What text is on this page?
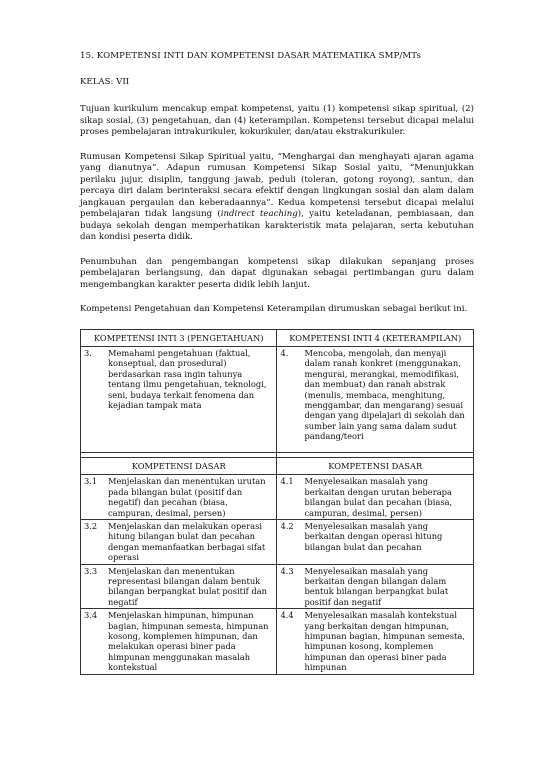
15. KOMPETENSI INTI DAN KOMPETENSI DASAR MATEMATIKA SMP/MTs
KELAS: VII

Tujuan kurikulum mencakup empat kompetensi, yaitu (1) kompetensi sikap spiritual, (2) sikap sosial, (3) pengetahuan, dan (4) keterampilan. Kompetensi tersebut dicapai melalui proses pembelajaran intrakurikuler, kokurikuler, dan/atau ekstrakurikuler.

Rumusan Kompetensi Sikap Spiritual yaitu, “Menghargai dan menghayati ajaran agama yang dianutnya”. Adapun rumusan Kompetensi Sikap Sosial yaitu, “Menunjukkan perilaku jujur, disiplin, tanggung jawab, peduli (toleran, gotong royong), santun, dan percaya diri dalam berinteraksi secara efektif dengan lingkungan sosial dan alam dalam jangkauan pergaulan dan keberadaannya”. Kedua kompetensi tersebut dicapai melalui pembelajaran tidak langsung (indirect teaching), yaitu keteladanan, pembiasaan, dan budaya sekolah dengan memperhatikan karakteristik mata pelajaran, serta kebutuhan dan kondisi peserta didik.

Penumbuhan dan pengembangan kompetensi sikap dilakukan sepanjang proses pembelajaran berlangsung, dan dapat digunakan sebagai pertimbangan guru dalam mengembangkan karakter peserta didik lebih lanjut.

Kompetensi Pengetahuan dan Kompetensi Keterampilan dirumuskan sebagai berikut ini.

KOMPETENSI INTI 3 (PENGETAHUAN)	KOMPETENSI INTI 4 (KETERAMPILAN)

3. Memahami pengetahuan (faktual, konseptual, dan prosedural) berdasarkan rasa ingin tahunya tentang ilmu pengetahuan, teknologi, seni, budaya terkait fenomena dan kejadian tampak mata	4. Mencoba, mengolah, dan menyaji dalam ranah konkret (menggunakan, mengurai, merangkai, memodifikasi, dan membuat) dan ranah abstrak (menulis, membaca, menghitung, menggambar, dan mengarang) sesuai dengan yang dipelajari di sekolah dan sumber lain yang sama dalam sudut pandang/teori

KOMPETENSI DASAR	KOMPETENSI DASAR

3.1 Menjelaskan dan menentukan urutan pada bilangan bulat (positif dan negatif) dan pecahan (biasa, campuran, desimal, persen)	4.1 Menyelesaikan masalah yang berkaitan dengan urutan beberapa bilangan bulat dan pecahan (biasa, campuran, desimal, persen)

3.2 Menjelaskan dan melakukan operasi hitung bilangan bulat dan pecahan dengan memanfaatkan berbagai sifat operasi	4.2 Menyelesaikan masalah yang berkaitan dengan operasi hitung bilangan bulat dan pecahan

3.3 Menjelaskan dan menentukan representasi bilangan dalam bentuk bilangan berpangkat bulat positif dan negatif	4.3 Menyelesaikan masalah yang berkaitan dengan bilangan dalam bentuk bilangan berpangkat bulat positif dan negatif

3.4 Menjelaskan himpunan, himpunan bagian, himpunan semesta, himpunan kosong, komplemen himpunan, dan melakukan operasi biner pada himpunan menggunakan masalah kontekstual	4.4 Menyelesaikan masalah kontekstual yang berkaitan dengan himpunan, himpunan bagian, himpunan semesta, himpunan kosong, komplemen himpunan dan operasi biner pada himpunan
